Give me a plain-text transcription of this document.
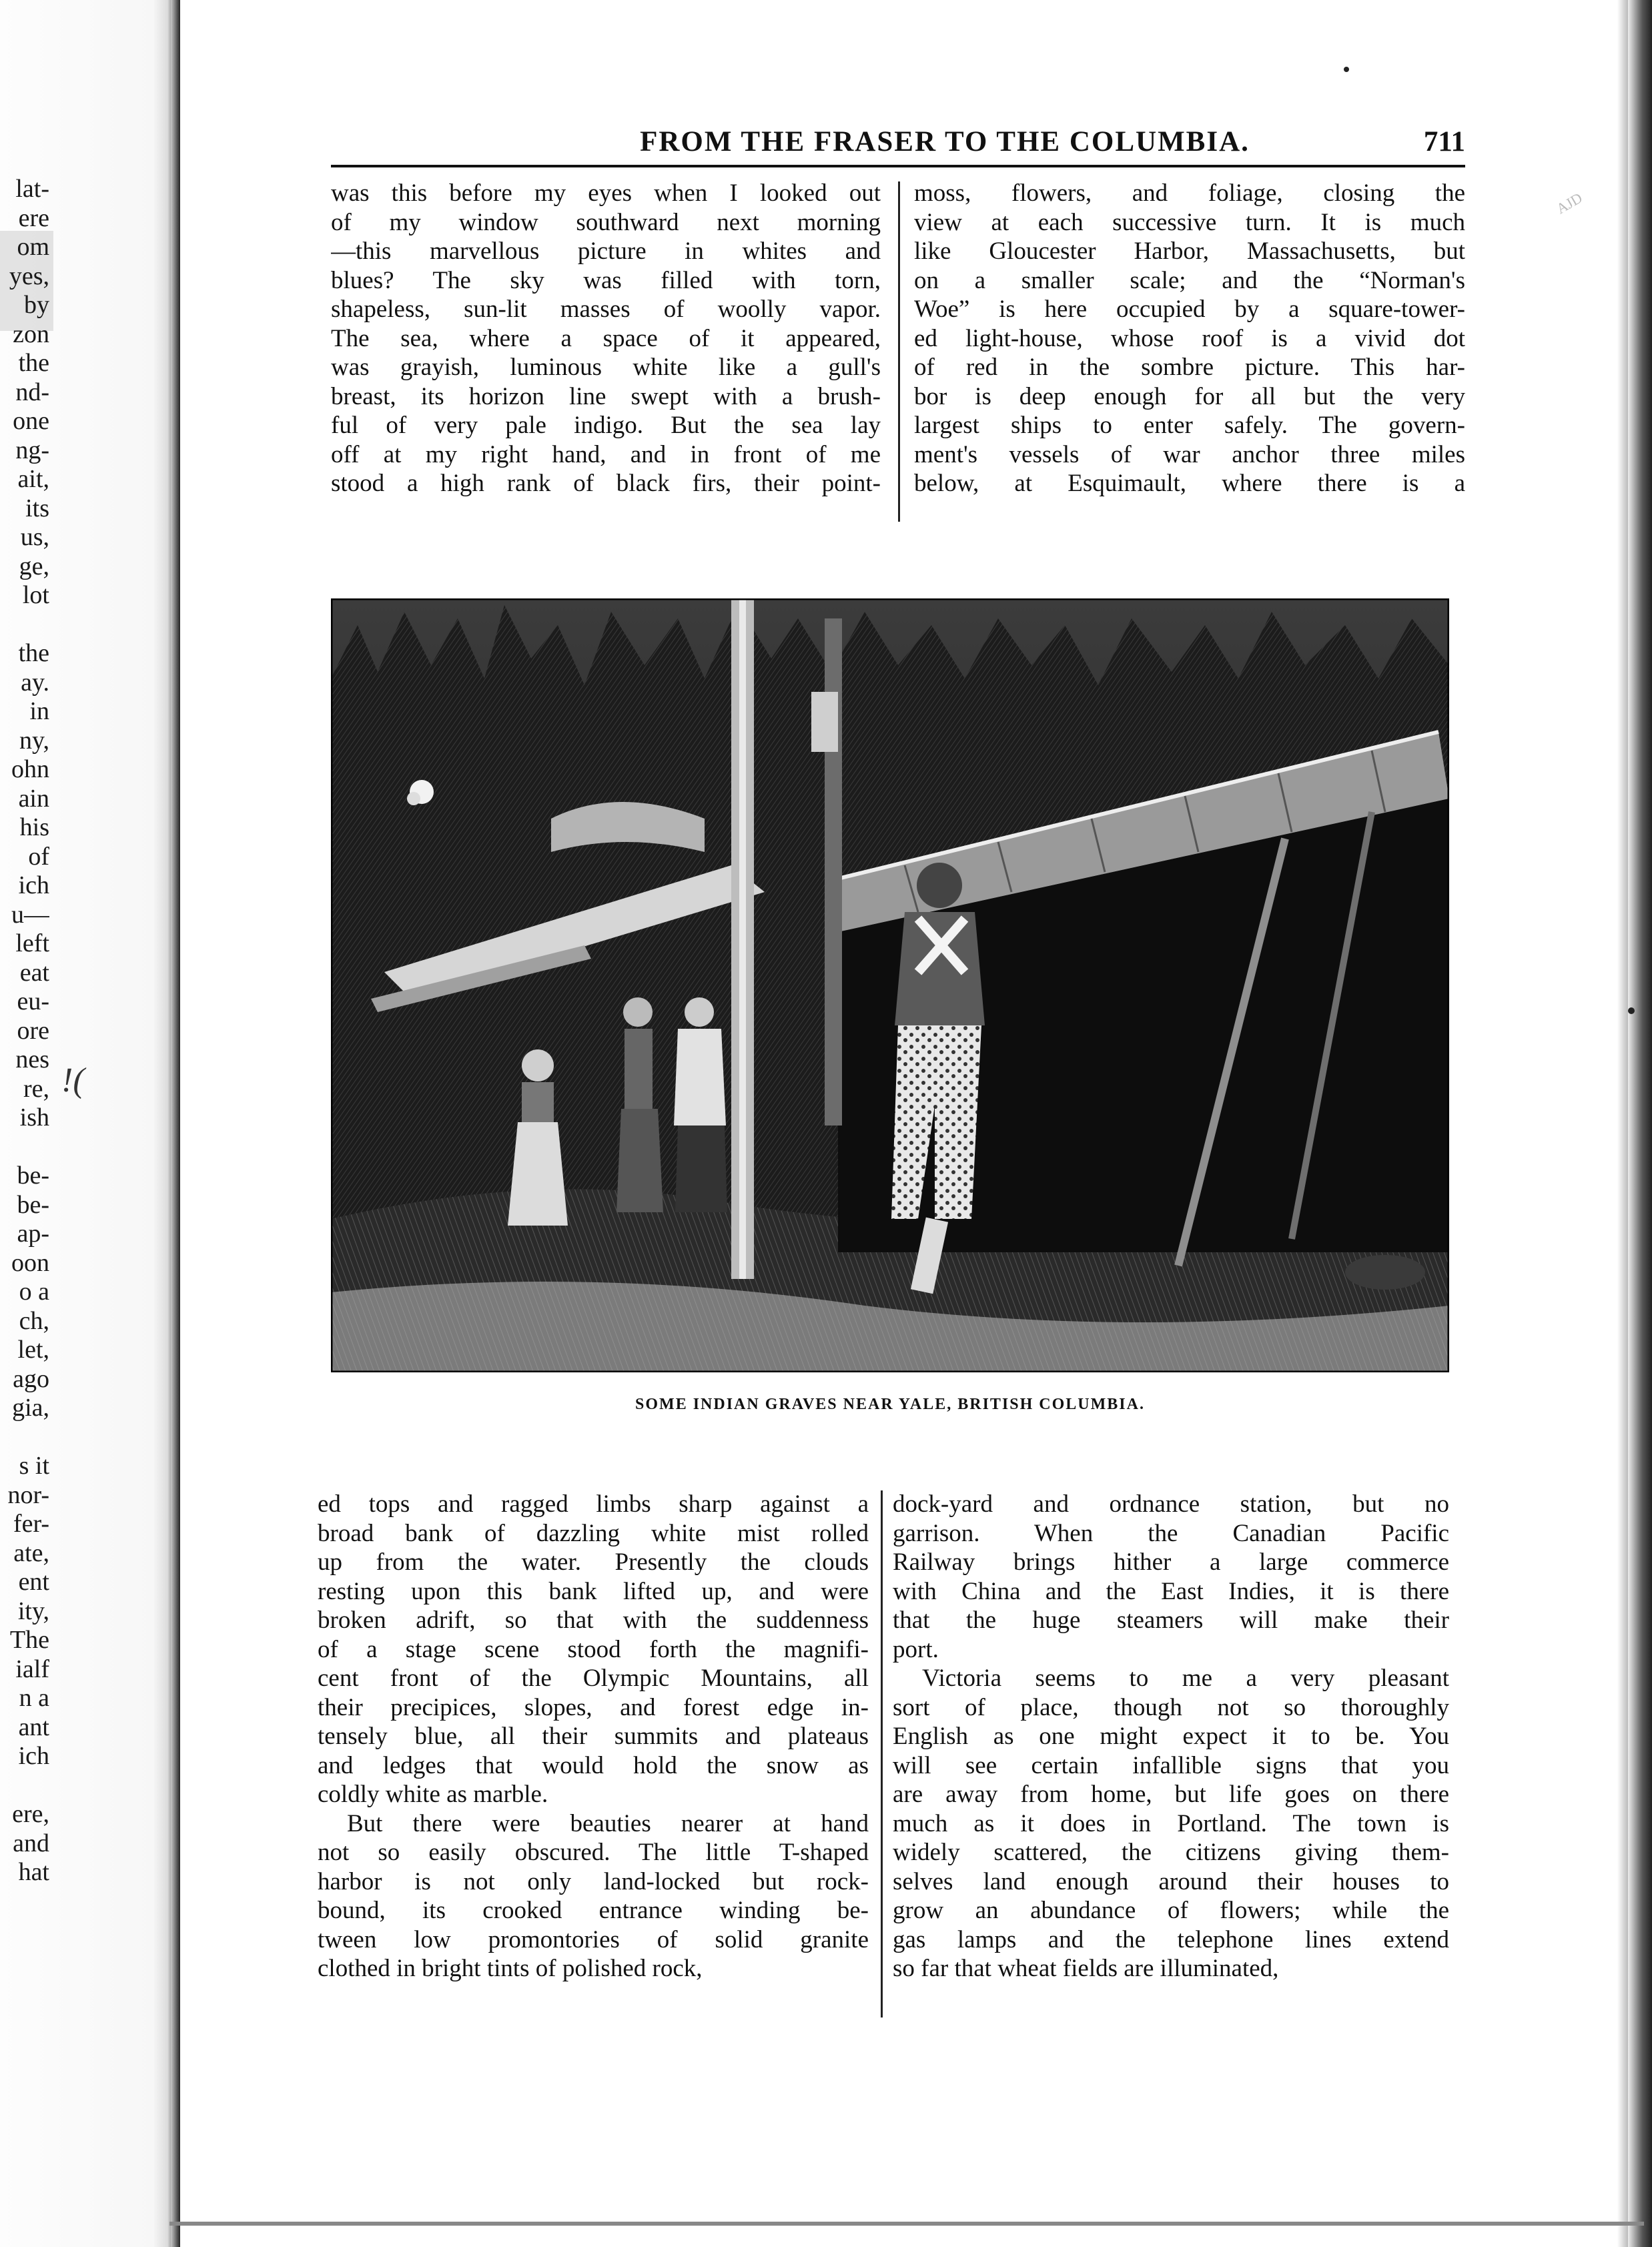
lat-
ere
om
yes,
by
zon
the
nd-
one
ng-
ait,
its
us,
ge,
lot
the
ay.
in
ny,
ohn
ain
his
of
ich
u—
left
eat
eu-
ore
nes
re,
ish
be-
be-
ap-
oon
o a
ch,
let,
ago
gia,
s it
nor-
fer-
ate,
ent
ity,
The
ialf
n a
ant
ich
ere,
and
hat
!(
FROM THE FRASER TO THE COLUMBIA.	711
AJD
was this before my eyes when I looked out
of my window southward next morning
—this marvellous picture in whites and
blues? The sky was filled with torn,
shapeless, sun-lit masses of woolly vapor.
The sea, where a space of it appeared,
was grayish, luminous white like a gull's
breast, its horizon line swept with a brush-
ful of very pale indigo. But the sea lay
off at my right hand, and in front of me
stood a high rank of black firs, their point-
moss, flowers, and foliage, closing the
view at each successive turn. It is much
like Gloucester Harbor, Massachusetts, but
on a smaller scale; and the “Norman's
Woe” is here occupied by a square-tower-
ed light-house, whose roof is a vivid dot
of red in the sombre picture. This har-
bor is deep enough for all but the very
largest ships to enter safely. The govern-
ment's vessels of war anchor three miles
below, at Esquimault, where there is a
SOME INDIAN GRAVES NEAR YALE, BRITISH COLUMBIA.
ed tops and ragged limbs sharp against a
broad bank of dazzling white mist rolled
up from the water. Presently the clouds
resting upon this bank lifted up, and were
broken adrift, so that with the suddenness
of a stage scene stood forth the magnifi-
cent front of the Olympic Mountains, all
their precipices, slopes, and forest edge in-
tensely blue, all their summits and plateaus
and ledges that would hold the snow as
coldly white as marble.
But there were beauties nearer at hand
not so easily obscured. The little T-shaped
harbor is not only land-locked but rock-
bound, its crooked entrance winding be-
tween low promontories of solid granite
clothed in bright tints of polished rock,
dock-yard and ordnance station, but no
garrison. When the Canadian Pacific
Railway brings hither a large commerce
with China and the East Indies, it is there
that the huge steamers will make their
port.
Victoria seems to me a very pleasant
sort of place, though not so thoroughly
English as one might expect it to be. You
will see certain infallible signs that you
are away from home, but life goes on there
much as it does in Portland. The town is
widely scattered, the citizens giving them-
selves land enough around their houses to
grow an abundance of flowers; while the
gas lamps and the telephone lines extend
so far that wheat fields are illuminated,
